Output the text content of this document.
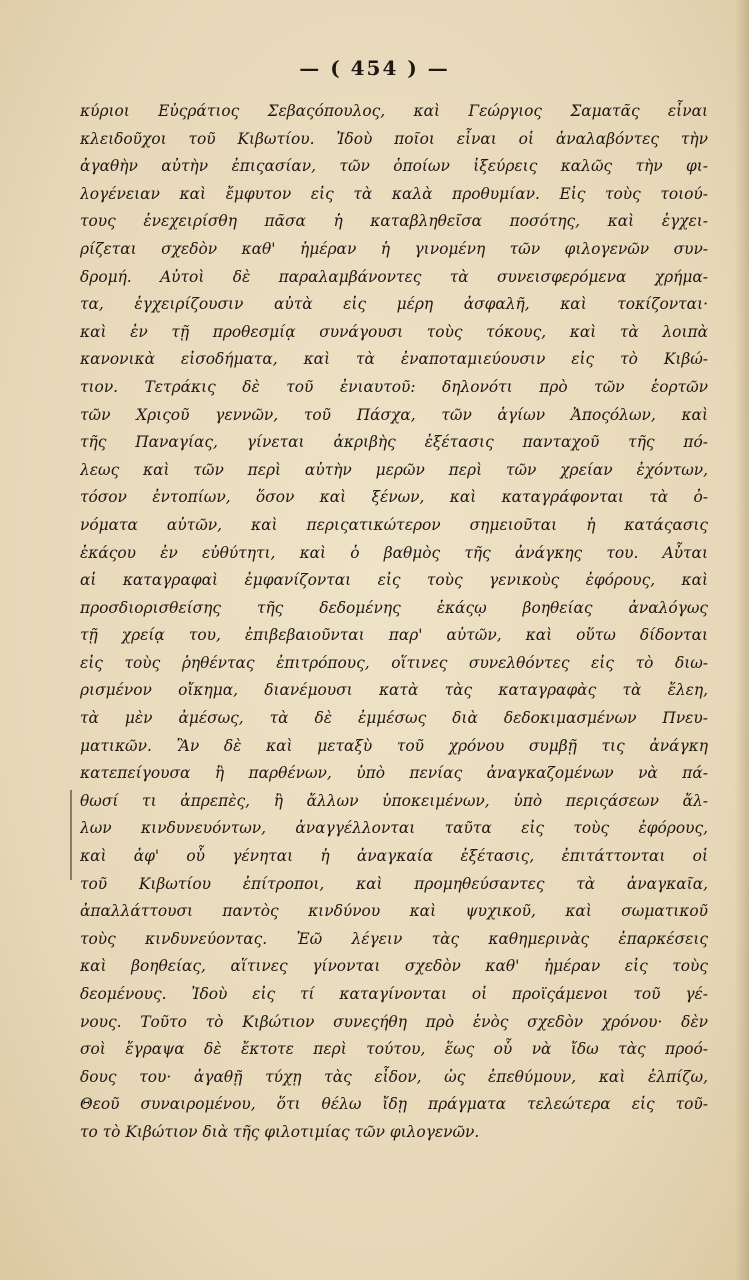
— ( 454 ) —
κύριοι Εὐςράτιος Σεβαςόπουλος, καὶ Γεώργιος Σαματᾶς εἶναι
κλειδοῦχοι τοῦ Κιβωτίου. Ἰδοὺ ποῖοι εἶναι οἱ ἀναλαβόντες τὴν
ἀγαθὴν αὐτὴν ἐπιςασίαν, τῶν ὁποίων ἰξεύρεις καλῶς τὴν φι-
λογένειαν καὶ ἔμφυτον εἰς τὰ καλὰ προθυμίαν. Εἰς τοὺς τοιού-
τους ἐνεχειρίσθη πᾶσα ἡ καταβληθεῖσα ποσότης, καὶ ἐγχει-
ρίζεται σχεδὸν καθ' ἡμέραν ἡ γινομένη τῶν φιλογενῶν συν-
δρομή. Αὐτοὶ δὲ παραλαμβάνοντες τὰ συνεισφερόμενα χρήμα-
τα, ἐγχειρίζουσιν αὐτὰ εἰς μέρη ἀσφαλῆ, καὶ τοκίζονται·
καὶ ἐν τῇ προθεσμίᾳ συνάγουσι τοὺς τόκους, καὶ τὰ λοιπὰ
κανονικὰ εἰσοδήματα, καὶ τὰ ἐναποταμιεύουσιν εἰς τὸ Κιβώ-
τιον. Τετράκις δὲ τοῦ ἐνιαυτοῦ: δηλονότι πρὸ τῶν ἑορτῶν
τῶν Χριςοῦ γεννῶν, τοῦ Πάσχα, τῶν ἁγίων Ἀποςόλων, καὶ
τῆς Παναγίας, γίνεται ἀκριβὴς ἐξέτασις πανταχοῦ τῆς πό-
λεως καὶ τῶν περὶ αὐτὴν μερῶν περὶ τῶν χρείαν ἐχόντων,
τόσον ἐντοπίων, ὅσον καὶ ξένων, καὶ καταγράφονται τὰ ὀ-
νόματα αὐτῶν, καὶ περιςατικώτερον σημειοῦται ἡ κατάςασις
ἑκάςου ἐν εὐθύτητι, καὶ ὁ βαθμὸς τῆς ἀνάγκης του. Αὗται
αἱ καταγραφαὶ ἐμφανίζονται εἰς τοὺς γενικοὺς ἐφόρους, καὶ
προσδιορισθείσης τῆς δεδομένης ἑκάςῳ βοηθείας ἀναλόγως
τῇ χρείᾳ του, ἐπιβεβαιοῦνται παρ' αὐτῶν, καὶ οὕτω δίδονται
εἰς τοὺς ῥηθέντας ἐπιτρόπους, οἵτινες συνελθόντες εἰς τὸ διω-
ρισμένον οἴκημα, διανέμουσι κατὰ τὰς καταγραφὰς τὰ ἔλεη,
τὰ μὲν ἀμέσως, τὰ δὲ ἐμμέσως διὰ δεδοκιμασμένων Πνευ-
ματικῶν. Ἂν δὲ καὶ μεταξὺ τοῦ χρόνου συμβῇ τις ἀνάγκη
κατεπείγουσα ἢ παρθένων, ὑπὸ πενίας ἀναγκαζομένων νὰ πά-
θωσί τι ἀπρεπὲς, ἢ ἄλλων ὑποκειμένων, ὑπὸ περιςάσεων ἄλ-
λων κινδυνευόντων, ἀναγγέλλονται ταῦτα εἰς τοὺς ἐφόρους,
καὶ ἀφ' οὗ γένηται ἡ ἀναγκαία ἐξέτασις, ἐπιτάττονται οἱ
τοῦ Κιβωτίου ἐπίτροποι, καὶ προμηθεύσαντες τὰ ἀναγκαῖα,
ἀπαλλάττουσι παντὸς κινδύνου καὶ ψυχικοῦ, καὶ σωματικοῦ
τοὺς κινδυνεύοντας. Ἐῶ λέγειν τὰς καθημερινὰς ἐπαρκέσεις
καὶ βοηθείας, αἵτινες γίνονται σχεδὸν καθ' ἡμέραν εἰς τοὺς
δεομένους. Ἰδοὺ εἰς τί καταγίνονται οἱ προϊςάμενοι τοῦ γέ-
νους. Τοῦτο τὸ Κιβώτιον συνεςήθη πρὸ ἑνὸς σχεδὸν χρόνου· δὲν
σοὶ ἔγραψα δὲ ἔκτοτε περὶ τούτου, ἕως οὗ νὰ ἴδω τὰς προό-
δους του· ἀγαθῇ τύχῃ τὰς εἶδον, ὡς ἐπεθύμουν, καὶ ἐλπίζω,
Θεοῦ συναιρομένου, ὅτι θέλω ἴδῃ πράγματα τελεώτερα εἰς τοῦ-
το τὸ Κιβώτιον διὰ τῆς φιλοτιμίας τῶν φιλογενῶν.
